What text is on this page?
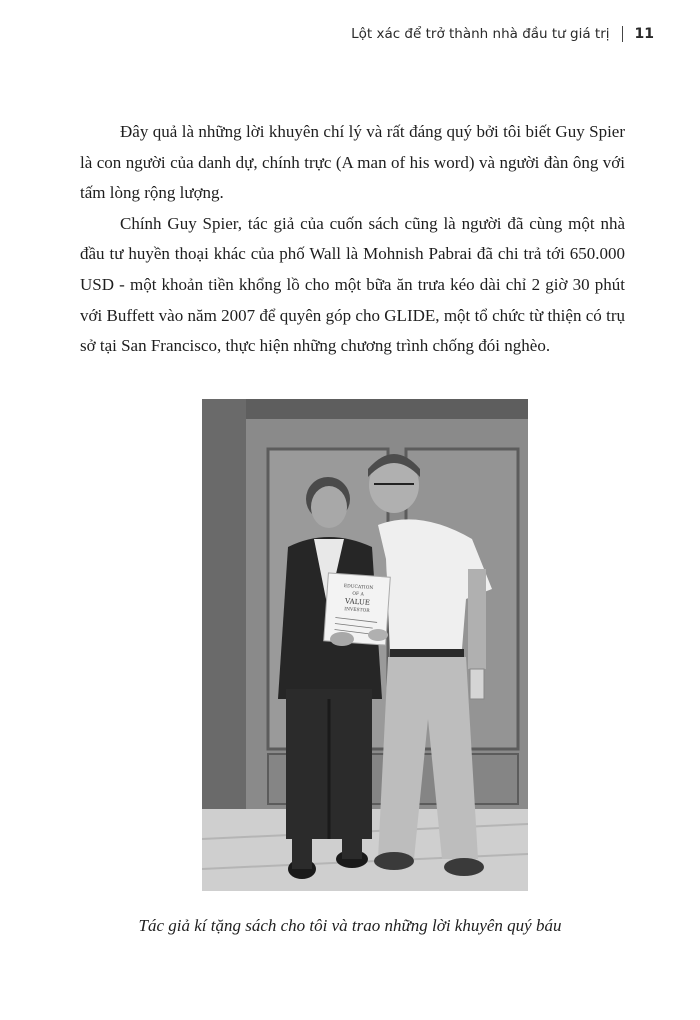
Lột xác để trở thành nhà đầu tư giá trị 11

Đây quả là những lời khuyên chí lý và rất đáng quý bởi tôi biết Guy Spier là con người của danh dự, chính trực (A man of his word) và người đàn ông với tấm lòng rộng lượng.

Chính Guy Spier, tác giả của cuốn sách cũng là người đã cùng một nhà đầu tư huyền thoại khác của phố Wall là Mohnish Pabrai đã chi trả tới 650.000 USD - một khoản tiền khổng lồ cho một bữa ăn trưa kéo dài chỉ 2 giờ 30 phút với Buffett vào năm 2007 để quyên góp cho GLIDE, một tổ chức từ thiện có trụ sở tại San Francisco, thực hiện những chương trình chống đói nghèo.

EDUCATION
OF A
VALUE
INVESTOR
Tác giả kí tặng sách cho tôi và trao những lời khuyên quý báu
